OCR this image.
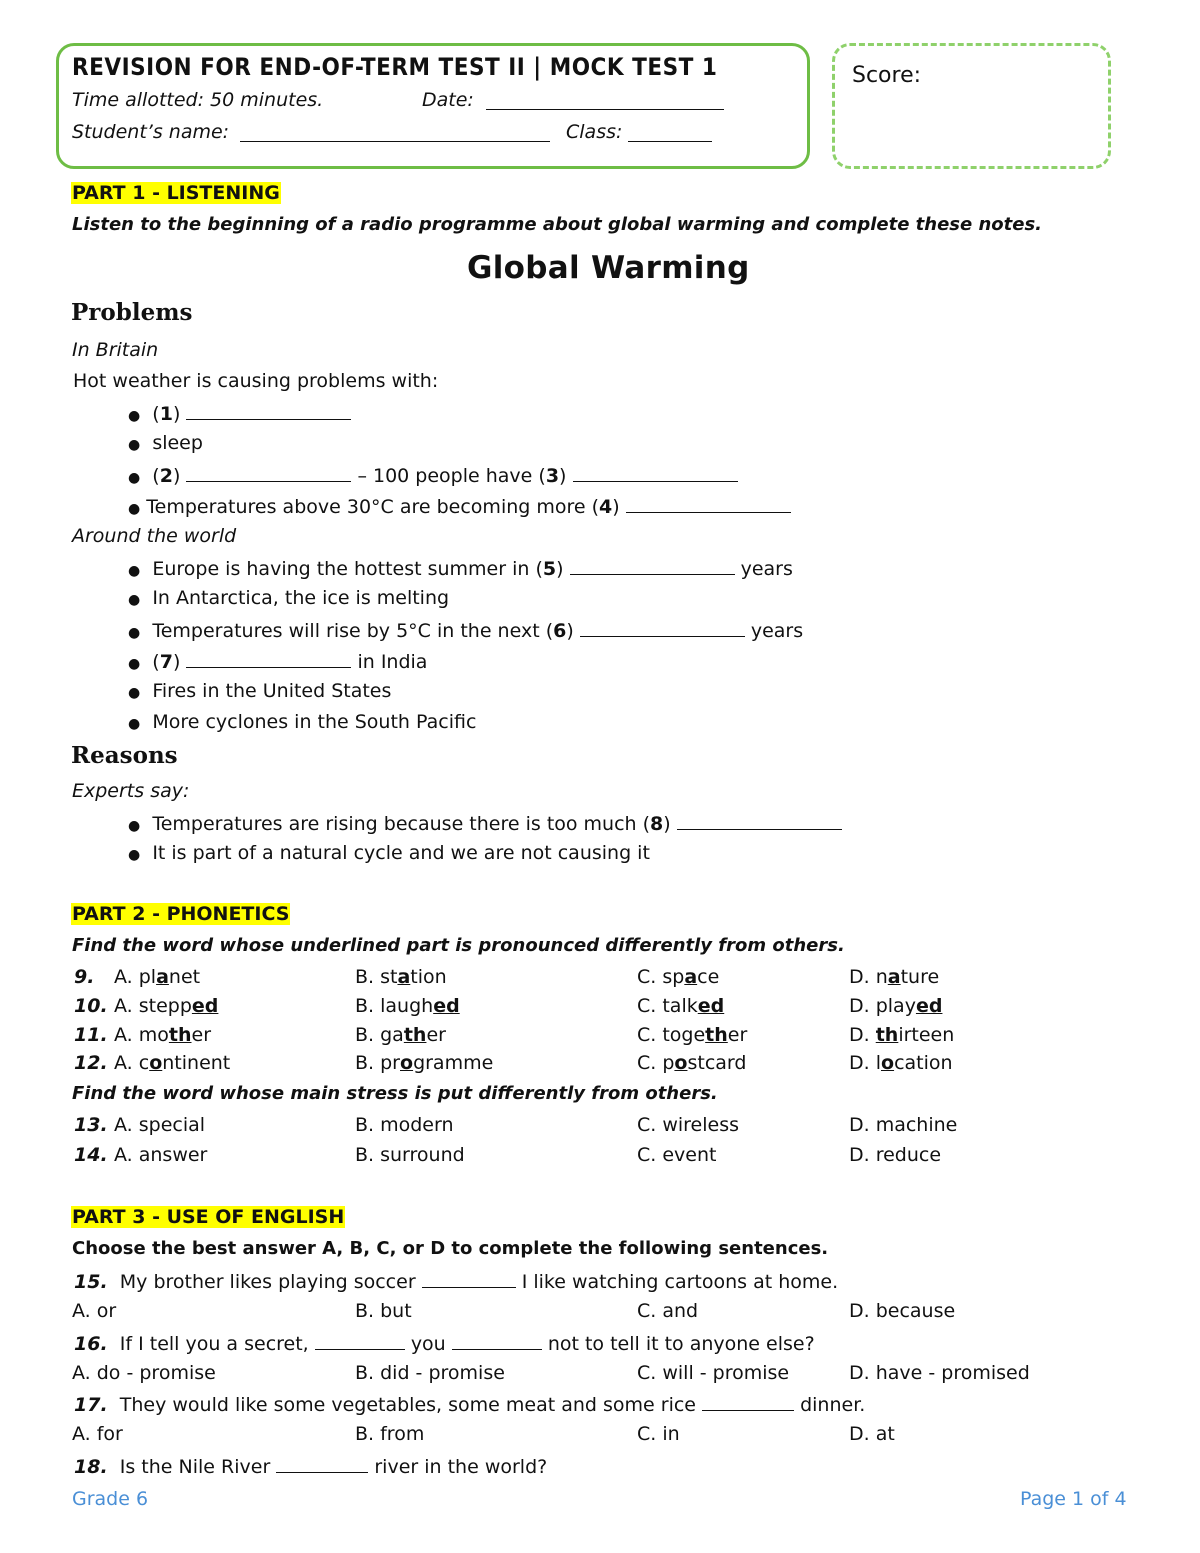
REVISION FOR END-OF-TERM TEST II | MOCK TEST 1
Time allotted: 50 minutes.	Date:
Student’s name:	Class:
Score:
PART 1 - LISTENING
Listen to the beginning of a radio programme about global warming and complete these notes.
Global Warming
Problems
In Britain
Hot weather is causing problems with:
●  (1)
● sleep
●  (2)	– 100 people have (3)
● Temperatures above 30°C are becoming more (4)
Around the world
● Europe is having the hottest summer in (5)	years
● In Antarctica, the ice is melting
● Temperatures will rise by 5°C in the next (6)	years
●  (7)	in India
● Fires in the United States
● More cyclones in the South Pacific
Reasons
Experts say:
● Temperatures are rising because there is too much (8)
● It is part of a natural cycle and we are not causing it
PART 2 - PHONETICS
Find the word whose underlined part is pronounced differently from others.
9. A. planet	B. station	C. space	D. nature
10. A. stepped	B. laughed	C. talked	D. played
11. A. mother	B. gather	C. together	D. thirteen
12. A. continent	B. programme	C. postcard	D. location
Find the word whose main stress is put differently from others.
13. A. special	B. modern	C. wireless	D. machine
14. A. answer	B. surround	C. event	D. reduce
PART 3 - USE OF ENGLISH
Choose the best answer A, B, C, or D to complete the following sentences.
15. My brother likes playing soccer	I like watching cartoons at home.
A. or	B. but	C. and	D. because
16. If I tell you a secret,	you	not to tell it to anyone else?
A. do - promise	B. did - promise	C. will - promise	D. have - promised
17. They would like some vegetables, some meat and some rice	dinner.
A. for	B. from	C. in	D. at
18. Is the Nile River	river in the world?
Grade 6	Page 1 of 4
